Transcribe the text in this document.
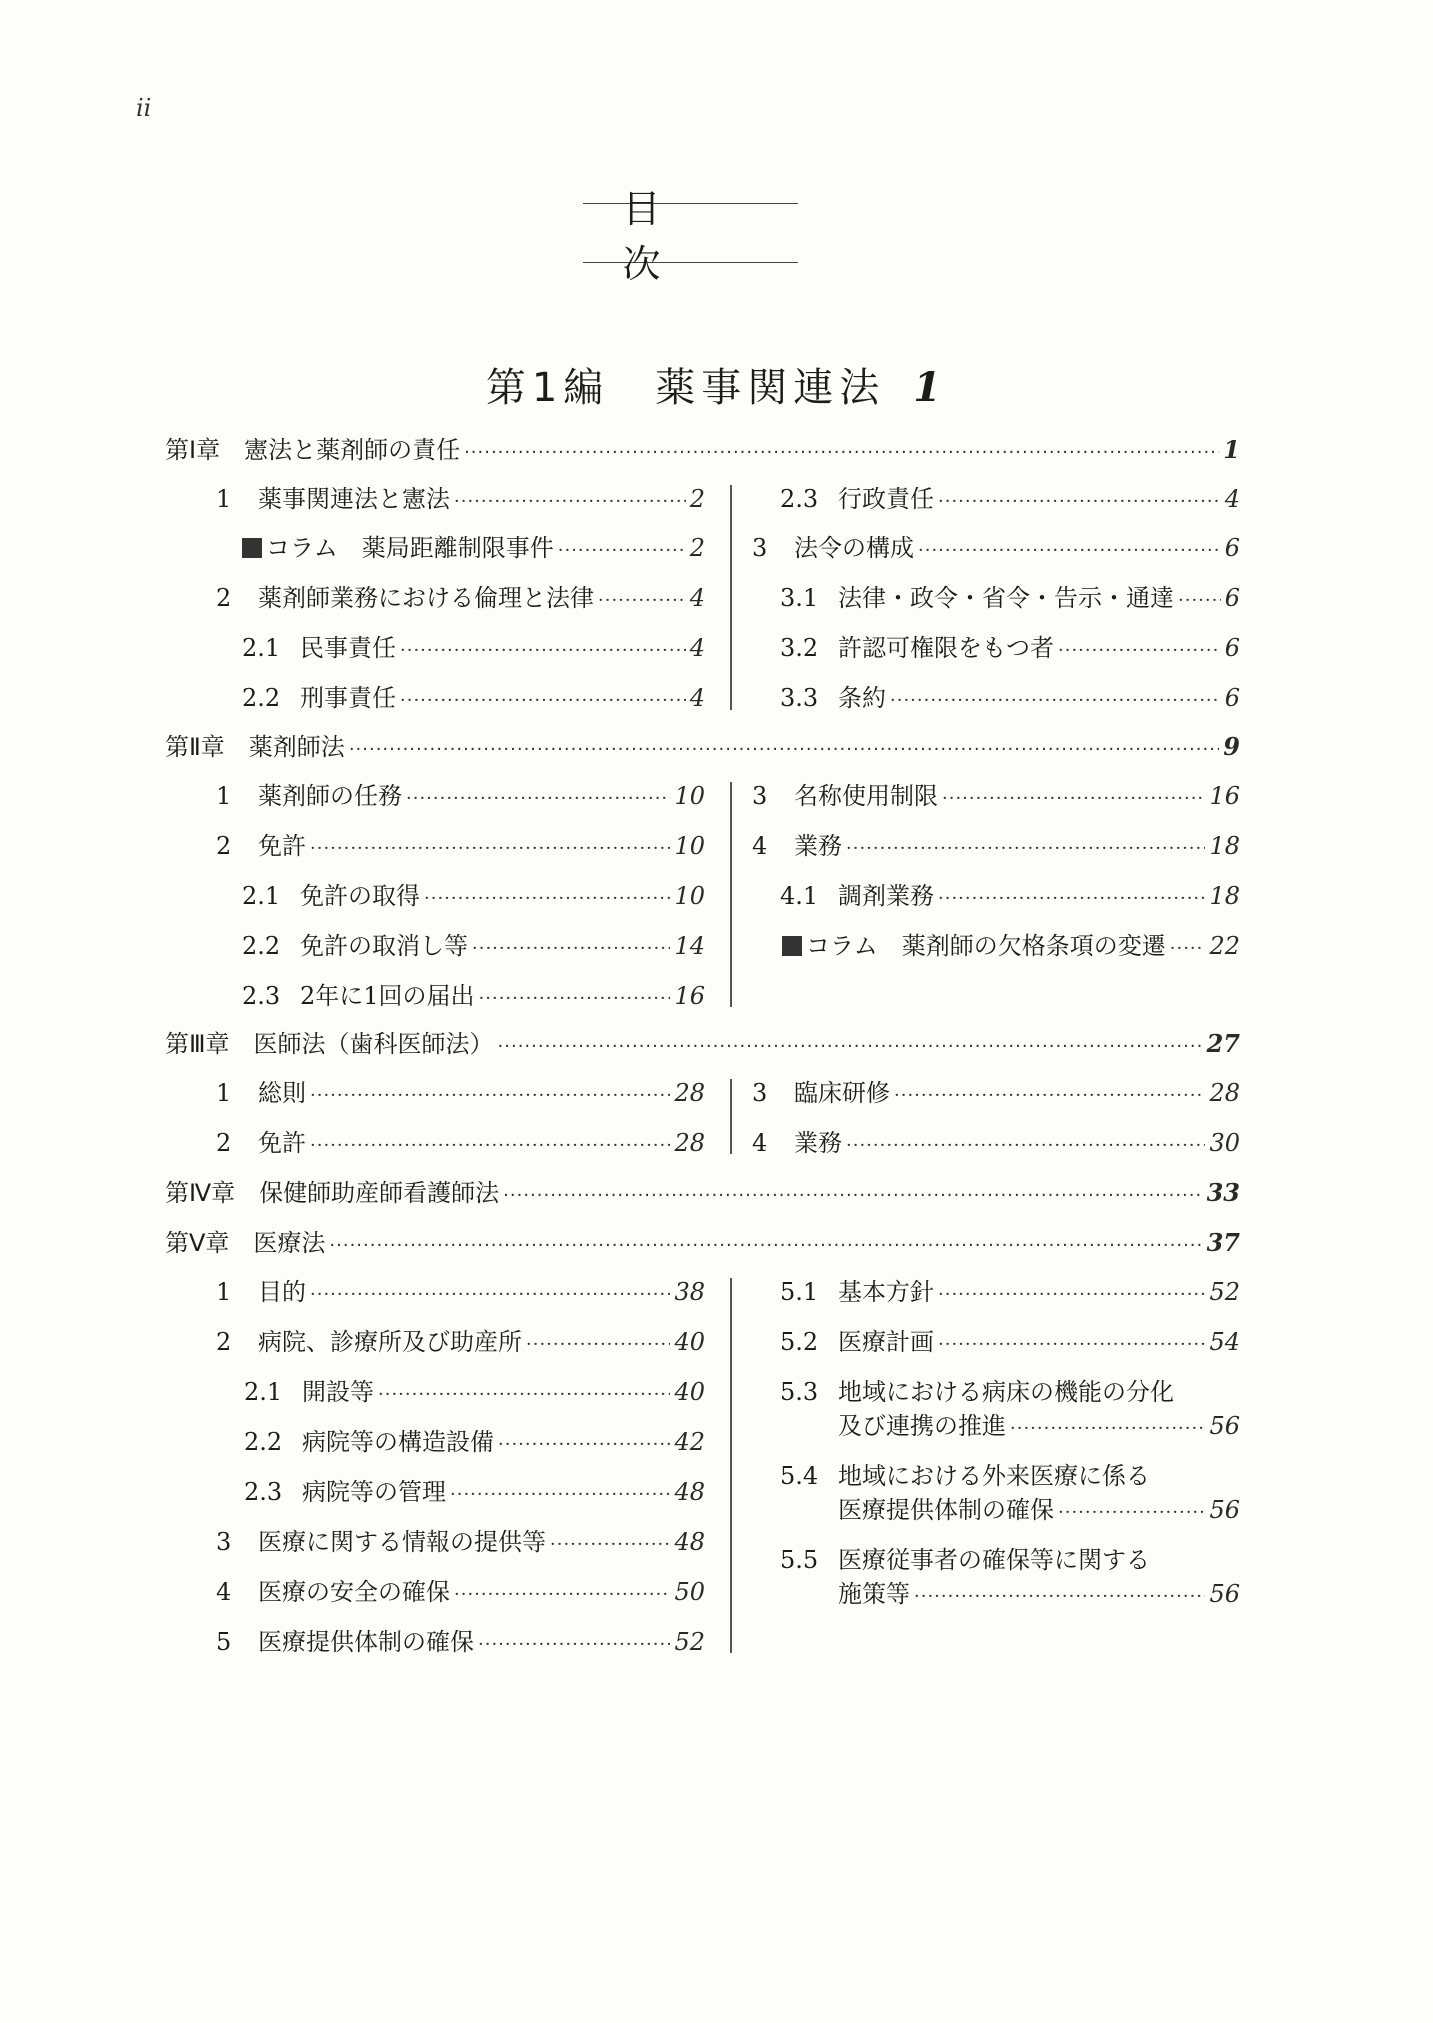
ii
目　次
第1編　薬事関連法 1
第Ⅰ章　憲法と薬剤師の責任 ·····	1
1 薬事関連法と憲法 ·····	2
コラム　薬局距離制限事件 ·····	2
2 薬剤師業務における倫理と法律 ·····	4
2.1 民事責任 ·····	4
2.2 刑事責任 ·····	4
2.3 行政責任 ·····	4
3 法令の構成 ·····	6
3.1 法律・政令・省令・告示・通達 ····· 6
3.2 許認可権限をもつ者 ·····	6
3.3 条約 ·····	6
第Ⅱ章　薬剤師法 ·····	9
1 薬剤師の任務 ·····	10
2 免許 ·····	10
2.1 免許の取得 ·····	10
2.2 免許の取消し等 ·····	14
2.3 2年に1回の届出 ·····	16
3 名称使用制限 ·····	16
4 業務 ·····	18
4.1 調剤業務 ·····	18
コラム　薬剤師の欠格条項の変遷 ····· 22
第Ⅲ章　医師法（歯科医師法） ·····	27
1 総則 ·····	28
2 免許 ·····	28
3 臨床研修 ·····	28
4 業務 ·····	30
第Ⅳ章　保健師助産師看護師法 ·····	33
第Ⅴ章　医療法 ·····	37
1 目的 ·····	38
2 病院、診療所及び助産所 ·····	40
2.1 開設等 ·····	40
2.2 病院等の構造設備 ·····	42
2.3 病院等の管理 ·····	48
3 医療に関する情報の提供等 ·····	48
4 医療の安全の確保 ·····	50
5 医療提供体制の確保 ·····	52
5.1 基本方針 ·····	52
5.2 医療計画 ·····	54
5.3 地域における病床の機能の分化
及び連携の推進 ·····	56
5.4 地域における外来医療に係る
医療提供体制の確保 ·····	56
5.5 医療従事者の確保等に関する
施策等 ·····	56
